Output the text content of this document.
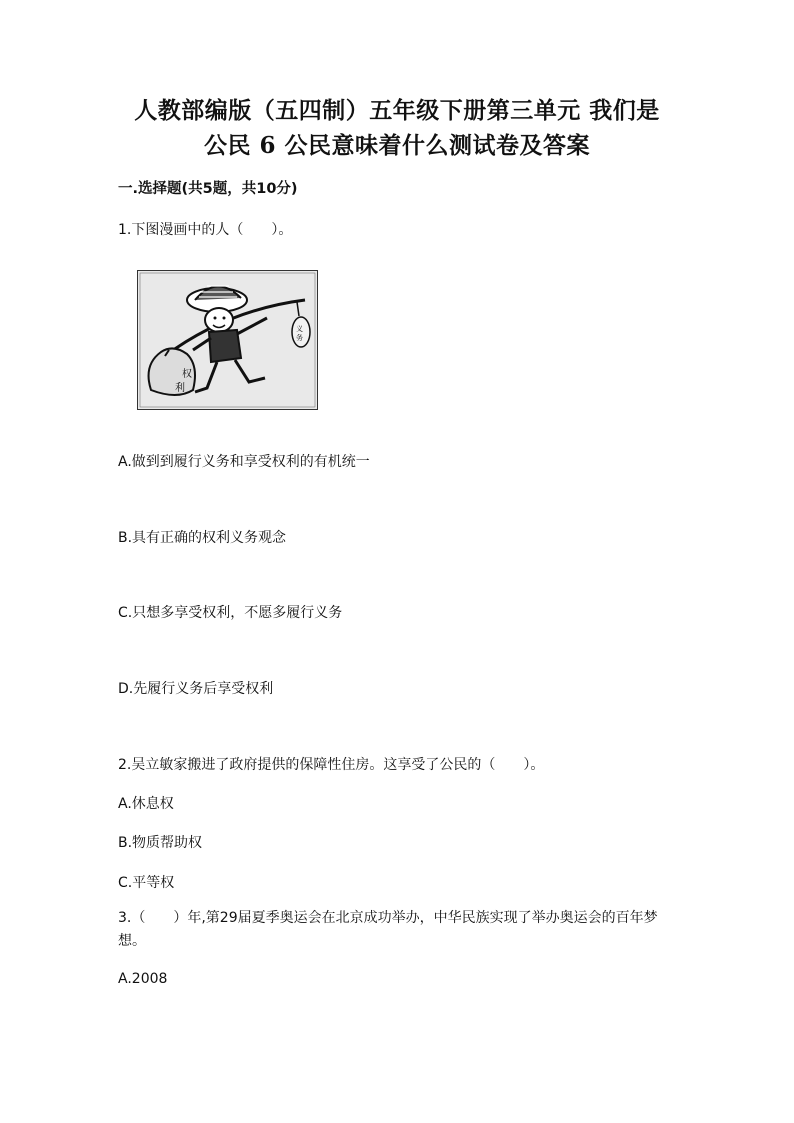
人教部编版（五四制）五年级下册第三单元 我们是
公民 6 公民意味着什么测试卷及答案
一.选择题(共5题，共10分)
1.下图漫画中的人（　　）。
权
利
义
务
A.做到到履行义务和享受权利的有机统一
B.具有正确的权利义务观念
C.只想多享受权利，不愿多履行义务
D.先履行义务后享受权利
2.吴立敏家搬进了政府提供的保障性住房。这享受了公民的（　　）。
A.休息权
B.物质帮助权
C.平等权
3.（　　）年,第29届夏季奥运会在北京成功举办，中华民族实现了举办奥运会的百年梦想。
A.2008
